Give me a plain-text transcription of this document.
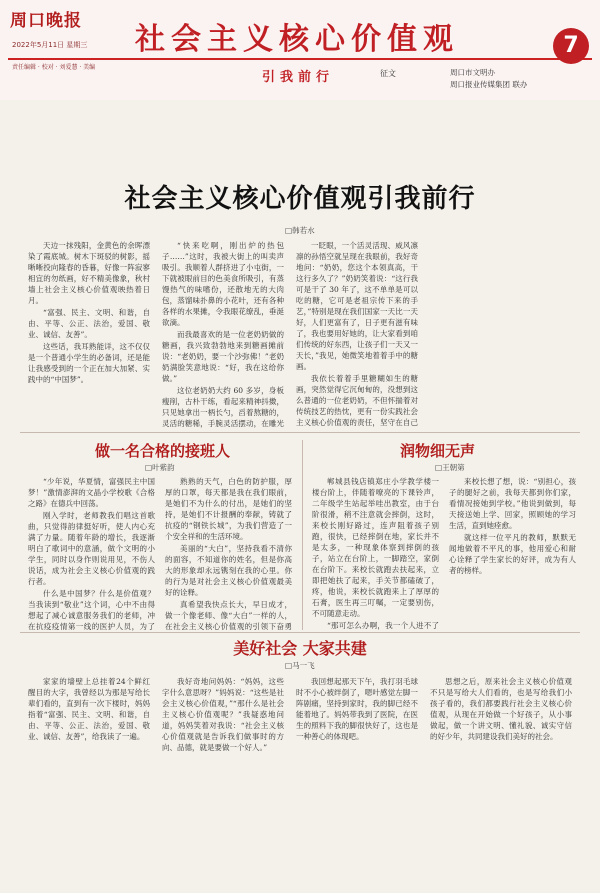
周口晚报
2022年5月11日 星期三
责任编辑 · 校对 · 刘爱慧 · 美编
社会主义核心价值观
引我前行	征文	周口市文明办
周口报业传媒集团 联办
7
社会主义核心价值观引我前行
□韩若水

天边一抹残阳，金黄色的余晖漂染了霞底城。树木下斑驳的树影，摇晰晰投向隆春的昏暮，好像一阵寂寥相宜的勿纸画，好不精美像象，秋村墙上社会主义核心价值观映热着日月。

“富强、民主、文明、和谐，自由、平等、公正、法治，爱国、敬业、诚信、友善”。

这些话，我耳熟能详，这不仅仅是一个普通小学生的必备词，还是能让我感受到的一个正在加大加紧、实践中的“中国梦”。

“快来吃啊，刚出炉的热包子……”这时，我被大街上的叫卖声吸引。我顺着人群挤进了小屯街，一下就被眼前目的色美食所吸引，有蒸馒热气的味嗜份，还散地无的大肉包，蒸馏味扑鼻的小花叶，还有各种各样的水果摊，令我眼花缭乱，垂涎欲滴。

而我最喜欢的是一位老奶奶做的糖画，我兴致勃勃地来到糖画摊前说：“老奶奶，要一个沙弥佛！”老奶奶满脸笑意地说：“好，我在这给你做。”

这位老奶奶大约 60 多岁，身板瘦削，古朴干练，看起来精神抖擞，只见她拿出一柄长勺，舀着熬糖的，灵活的糖稀，手腕灵活摆动，在雕光

一眨眼，一个活灵活现、威风凛凛的孙悟空就呈现在我眼前，我好奇地问：“奶奶，您这个本领真高，干这行多久了？”奶奶笑着说：“这行我可是干了 30 年了，这不单单是可以吃的糖，它可是老祖宗传下来的手艺，”特别是现在我们国家一天比一天好，人们更富有了，日子更有滋有味了，我也要用好她的，让大家看到咱们传统的好东西，让孩子们一天又一天长，”我见，她微笑地着着手中的糖画。

我依长着着手里糖糊如生的糖画，突然觉得它沉甸甸的，没想到这么普通的一位老奶奶，不但怀揣着对传统技艺的热忱，更有一份实践社会主义核心价值观的责任，坚守在自己

做一名合格的接班人
□叶紫韵

“少年说，华夏情，富强民主中国梦！”激情澎湃的文晶小学校歌《合格之路》在德兵中回荡。

刚入学时，老师教我们唱这首歌曲，只觉得韵律挺好听，使人内心充满了力量。随着年龄的增长，我逐渐明白了歌词中的意涵，做个文明的小学生，同时以身作则说用见，不伤人说话，成为社会主义核心价值观的践行者。

什么是中国梦？什么是价值观？当我读到“敬业”这个词，心中不由得想起了减心诚意服务我们的老师，冲在抗疫疫情第一线的医护人员，为了

熟熟的天气，白色的防护服，厚厚的口罩，每天都是我在我们眼前，是她们不为什么的付出，是她们的坚持，是她们不计报酬的奉献，铸就了抗疫的“钢铁长城”，为我们营造了一个安全祥和的生活环境。

美丽的“大白”，坚持我看不清你的面容，不知道你的姓名，但是你高大的形象却永远镌刻在我的心里。你的行为是对社会主义核心价值观最美好的诠释。

真希望我快点长大，早日成才，做一个像老师、像“大白”一样的人，在社会主义核心价值观的引领下奋勇

润物细无声
□王朝第

郸城县钱店镇郑庄小学教学楼一楼台阶上，伴随着嘹亮的下课铃声，二年级学生站起举哇出教室，由于台阶很滑，稍不注意就会摔倒，这时，来校长刚好路过，连声阻着孩子别跑，很快，已经摔倒在地，家长并不是太多，一种现象体察到摔倒的孩子，站立在台阶上，一脚踏空，家倒在台阶下。来校长就跑去扶起来，立即把她扶了起来，手关节都磕破了，疼，他说，来校长就跑来上了厚厚的石膏，医生再三叮嘱，一定要别伤，不可随意走动。

“那可怎么办啊，我一个人进不了

来校长想了想，说：“别担心，孩子的腿好之前，我每天都到你们家，看情况接她到学校。”他说到做到，每天接送她上学、回家，照顾她的学习生活，直到她痊愈。

就这样一位平凡的教师，默默无闻地做着不平凡的事，他用爱心和耐心诠释了学生家长的好评，成为有人者的榜样。

美好社会 大家共建
□马一飞

家家的墙壁上总挂着24个鲜红醒目的大字，我曾经以为那是写给长辈们看的，直到有一次下楼时，妈妈指着“富强、民主、文明、和谐，自由、平等、公正、法治，爱国、敬业、诚信、友善”，给我读了一遍。

我好奇地问妈妈：“妈妈，这些字什么意思呀？”妈妈说：“这些是社会主义核心价值观，”“那什么是社会主义核心价值观呢？”我疑惑地问道，妈妈笑着对我说：“社会主义核心价值观就是告诉我们做事时的方向、品德，就是要做一个好人。”

我回想起那天下午，我打羽毛球时不小心被绊倒了，嗯叶感觉左脚一阵剧痛，坚持到家时，我的脚已经不能着地了。妈妈带我到了医院，在医生的照料下我的脚很快好了，这也是一种善心的体现吧。

思想之后，原来社会主义核心价值观不只是写给大人们看的，也是写给我们小孩子看的，我们都要践行社会主义核心价值观，从现在开始做一个好孩子，从小事做起，做一个讲文明、懂礼貌、诚实守信的好少年，共同建设我们美好的社会。
